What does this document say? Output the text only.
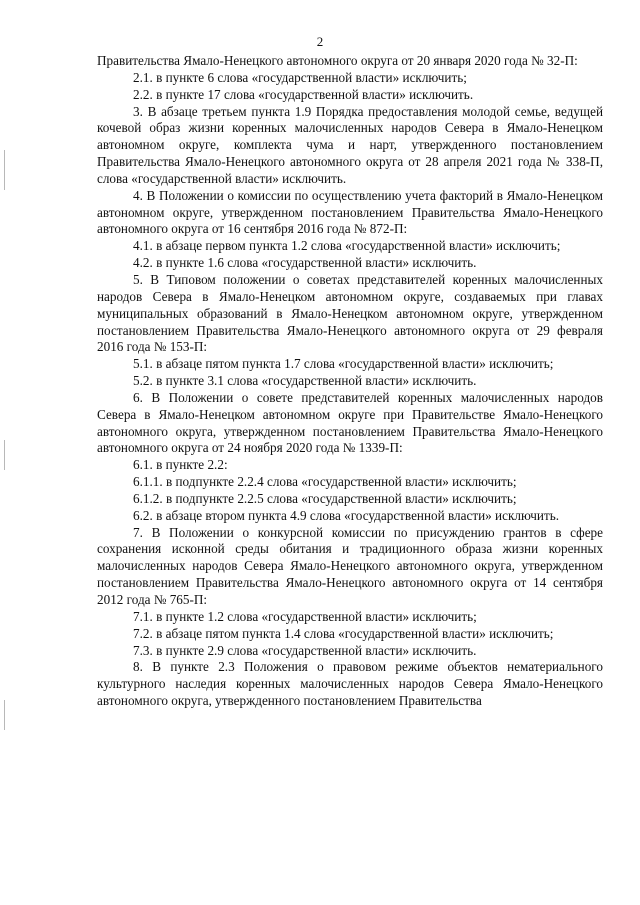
2

Правительства Ямало-Ненецкого автономного округа от 20 января 2020 года № 32-П:

2.1. в пункте 6 слова «государственной власти» исключить;

2.2. в пункте 17 слова «государственной власти» исключить.

3. В абзаце третьем пункта 1.9 Порядка предоставления молодой семье, ведущей кочевой образ жизни коренных малочисленных народов Севера в Ямало-Ненецком автономном округе, комплекта чума и нарт, утвержденного постановлением Правительства Ямало-Ненецкого автономного округа от 28 апреля 2021 года № 338-П, слова «государственной власти» исключить.

4. В Положении о комиссии по осуществлению учета факторий в Ямало-Ненецком автономном округе, утвержденном постановлением Правительства Ямало-Ненецкого автономного округа от 16 сентября 2016 года № 872-П:

4.1. в абзаце первом пункта 1.2 слова «государственной власти» исключить;

4.2. в пункте 1.6 слова «государственной власти» исключить.

5. В Типовом положении о советах представителей коренных малочисленных народов Севера в Ямало-Ненецком автономном округе, создаваемых при главах муниципальных образований в Ямало-Ненецком автономном округе, утвержденном постановлением Правительства Ямало-Ненецкого автономного округа от 29 февраля 2016 года № 153-П:

5.1. в абзаце пятом пункта 1.7 слова «государственной власти» исключить;

5.2. в пункте 3.1 слова «государственной власти» исключить.

6. В Положении о совете представителей коренных малочисленных народов Севера в Ямало-Ненецком автономном округе при Правительстве Ямало-Ненецкого автономного округа, утвержденном постановлением Правительства Ямало-Ненецкого автономного округа от 24 ноября 2020 года № 1339-П:

6.1. в пункте 2.2:

6.1.1. в подпункте 2.2.4 слова «государственной власти» исключить;

6.1.2. в подпункте 2.2.5 слова «государственной власти» исключить;

6.2. в абзаце втором пункта 4.9 слова «государственной власти» исключить.

7. В Положении о конкурсной комиссии по присуждению грантов в сфере сохранения исконной среды обитания и традиционного образа жизни коренных малочисленных народов Севера Ямало-Ненецкого автономного округа, утвержденном постановлением Правительства Ямало-Ненецкого автономного округа от 14 сентября 2012 года № 765-П:

7.1. в пункте 1.2 слова «государственной власти» исключить;

7.2. в абзаце пятом пункта 1.4 слова «государственной власти» исключить;

7.3. в пункте 2.9 слова «государственной власти» исключить.

8. В пункте 2.3 Положения о правовом режиме объектов нематериального культурного наследия коренных малочисленных народов Севера Ямало-Ненецкого автономного округа, утвержденного постановлением Правительства
